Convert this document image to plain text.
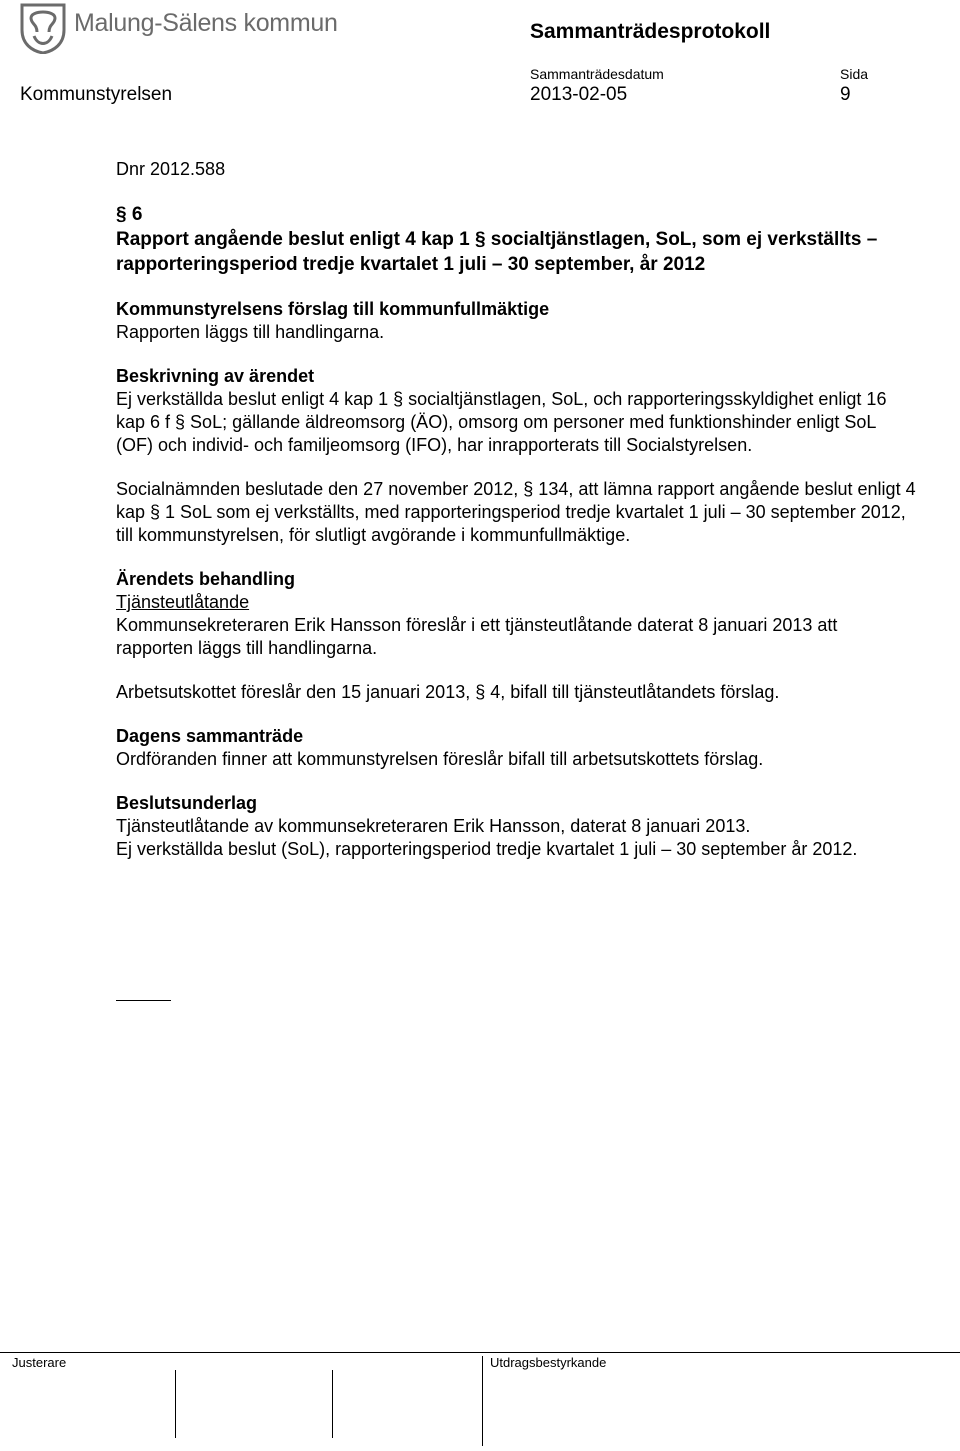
Malung-Sälens kommun	Sammanträdesprotokoll
Sammanträdesdatum	Sida
Kommunstyrelsen	2013-02-05	9

Dnr 2012.588

§ 6
Rapport angående beslut enligt 4 kap 1 § socialtjänstlagen, SoL, som ej verkställts – rapporteringsperiod tredje kvartalet 1 juli – 30 september, år 2012

Kommunstyrelsens förslag till kommunfullmäktige

Rapporten läggs till handlingarna.

Beskrivning av ärendet

Ej verkställda beslut enligt 4 kap 1 § socialtjänstlagen, SoL, och rapporteringsskyldighet enligt 16 kap 6 f § SoL; gällande äldreomsorg (ÄO), omsorg om personer med funktionshinder enligt SoL (OF) och individ- och familjeomsorg (IFO), har inrapporterats till Socialstyrelsen.

Socialnämnden beslutade den 27 november 2012, § 134, att lämna rapport angående beslut enligt 4 kap § 1 SoL som ej verkställts, med rapporteringsperiod tredje kvartalet 1 juli – 30 september 2012, till kommunstyrelsen, för slutligt avgörande i kommunfullmäktige.

Ärendets behandling

Tjänsteutlåtande

Kommunsekreteraren Erik Hansson föreslår i ett tjänsteutlåtande daterat 8 januari 2013 att rapporten läggs till handlingarna.

Arbetsutskottet föreslår den 15 januari 2013, § 4, bifall till tjänsteutlåtandets förslag.

Dagens sammanträde

Ordföranden finner att kommunstyrelsen föreslår bifall till arbetsutskottets förslag.

Beslutsunderlag

Tjänsteutlåtande av kommunsekreteraren Erik Hansson, daterat 8 januari 2013.

Ej verkställda beslut (SoL), rapporteringsperiod tredje kvartalet 1 juli – 30 september år 2012.

Justerare	Utdragsbestyrkande
